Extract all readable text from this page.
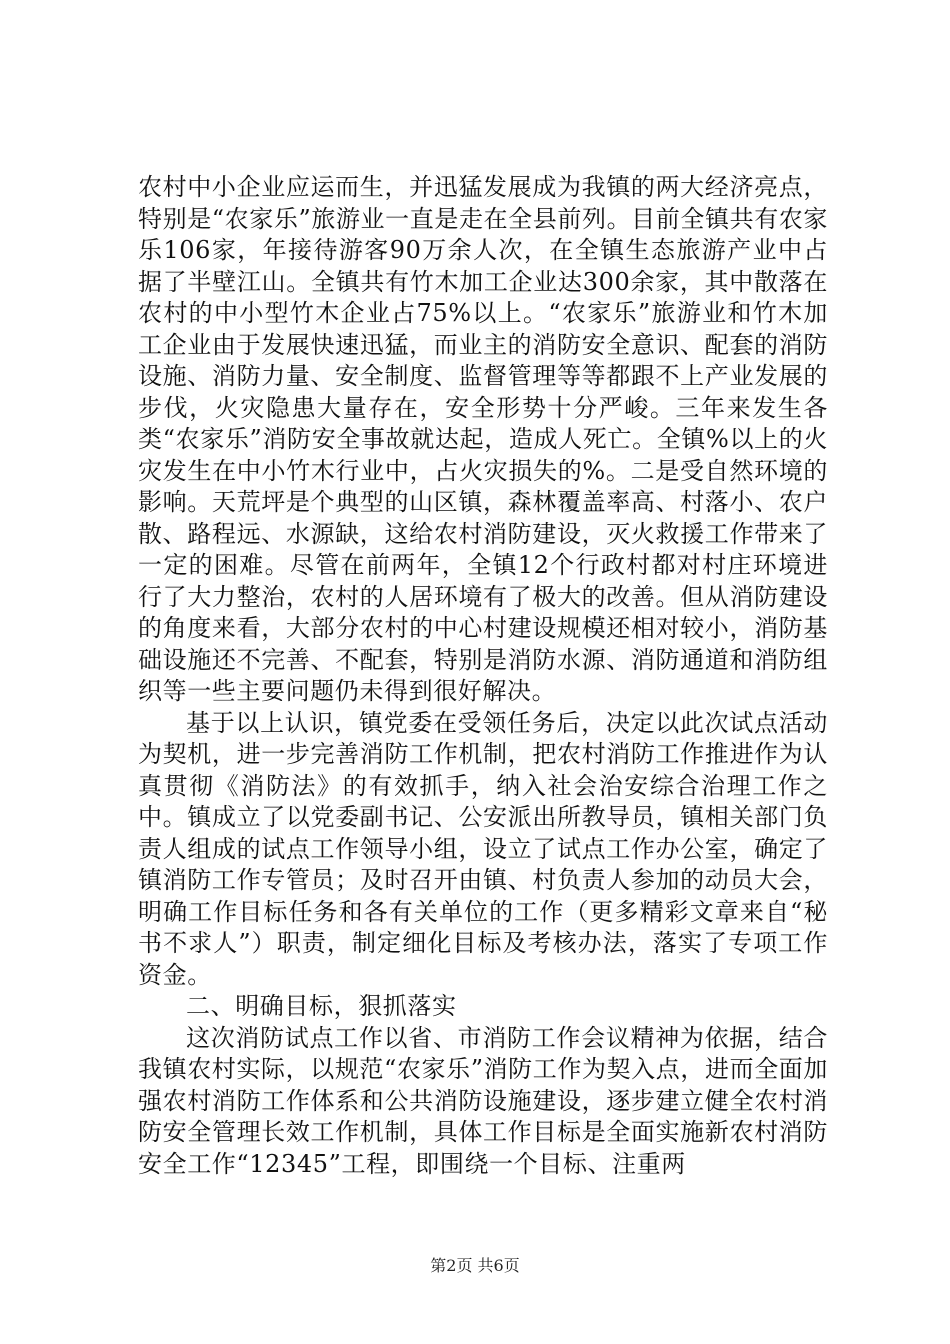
农村中小企业应运而生，并迅猛发展成为我镇的两大经济亮点，特别是“农家乐”旅游业一直是走在全县前列。目前全镇共有农家乐106家，年接待游客90万余人次，在全镇生态旅游产业中占据了半壁江山。全镇共有竹木加工企业达300余家，其中散落在农村的中小型竹木企业占75%以上。“农家乐”旅游业和竹木加工企业由于发展快速迅猛，而业主的消防安全意识、配套的消防设施、消防力量、安全制度、监督管理等等都跟不上产业发展的步伐，火灾隐患大量存在，安全形势十分严峻。三年来发生各类“农家乐”消防安全事故就达起，造成人死亡。全镇%以上的火灾发生在中小竹木行业中，占火灾损失的%。二是受自然环境的影响。天荒坪是个典型的山区镇，森林覆盖率高、村落小、农户散、路程远、水源缺，这给农村消防建设，灭火救援工作带来了一定的困难。尽管在前两年，全镇12个行政村都对村庄环境进行了大力整治，农村的人居环境有了极大的改善。但从消防建设的角度来看，大部分农村的中心村建设规模还相对较小，消防基础设施还不完善、不配套，特别是消防水源、消防通道和消防组织等一些主要问题仍未得到很好解决。

基于以上认识，镇党委在受领任务后，决定以此次试点活动为契机，进一步完善消防工作机制，把农村消防工作推进作为认真贯彻《消防法》的有效抓手，纳入社会治安综合治理工作之中。镇成立了以党委副书记、公安派出所教导员，镇相关部门负责人组成的试点工作领导小组，设立了试点工作办公室，确定了镇消防工作专管员；及时召开由镇、村负责人参加的动员大会，明确工作目标任务和各有关单位的工作（更多精彩文章来自“秘书不求人”）职责，制定细化目标及考核办法，落实了专项工作资金。

二、明确目标，狠抓落实

这次消防试点工作以省、市消防工作会议精神为依据，结合我镇农村实际，以规范“农家乐”消防工作为契入点，进而全面加强农村消防工作体系和公共消防设施建设，逐步建立健全农村消防安全管理长效工作机制，具体工作目标是全面实施新农村消防安全工作“12345”工程，即围绕一个目标、注重两

第2页 共6页
